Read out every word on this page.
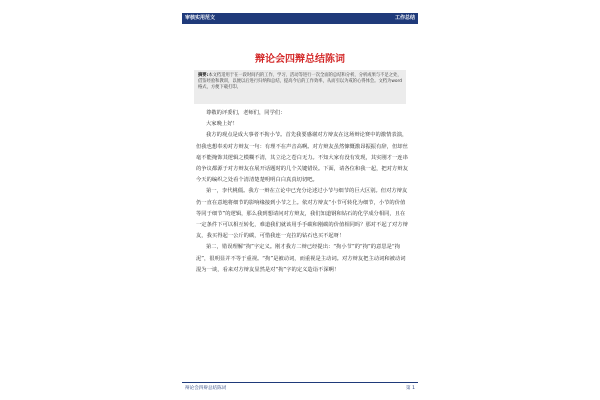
审核实用范文	工作总结
辩论会四辩总结陈词
摘要:本文档适用于在一段时间内的工作、学习、活动等进行一次全面的总结和分析，分析成果与不足之处，借鉴经验和教训，以便以后进行归纳和总结，提高今后的工作效率，从而引以为戒的心得体会。文档为word格式，方便下载打印。

尊敬的评委们，老师们，同学们：

大家晚上好！

我方的观点是成大事者不拘小节。首先我要感谢对方辩友在这场辩论赛中的激情表演，但我也想奉劝对方辩友一句：有理不在声音高啊。对方辩友虽然慷慨激昂振振有辞，但却丝毫不能掩饰其逻辑之模糊不清，其立论之苍白无力。不知大家有没有发现，其实刚才一连串的争议都源于对方辩友在展开话题时的几个关键错误。下面，请各位和我一起，把对方辩友今天的编织之处看个清清楚楚明明白白真真切切吧。

第一，李代桃僵。我方一辩在立论中已充分论述过小节与细节的巨大区别。但对方辩友仍一直在意地将细节的影响缘接到小节之上。依对方辩友“小节可转化为细节，小节的价值等同于细节”的逻辑，那么我到想请问对方辩友，我们知道钢和钻石的化学成分相同，且在一定条件下可以相互转化，难道我们就该用手手碳和刚碳的价值相同吗？那对不起了对方辩友，我买得起一公斤的碳，可惜我连一克拉的钻石也买不起呀！

第二，错误理解“拘”字定义。刚才我方二辩已经提出：“拘小节”的“拘”的意思是“拘泥”，很明显并不等于重视。“拘”是被动词，而重视是主动词。对方辩友把主动词和被动词混为一谈，看来对方辩友显然是对“拘”字的定义造诣不深啊！

辩论会四辩总结陈词	第 1
